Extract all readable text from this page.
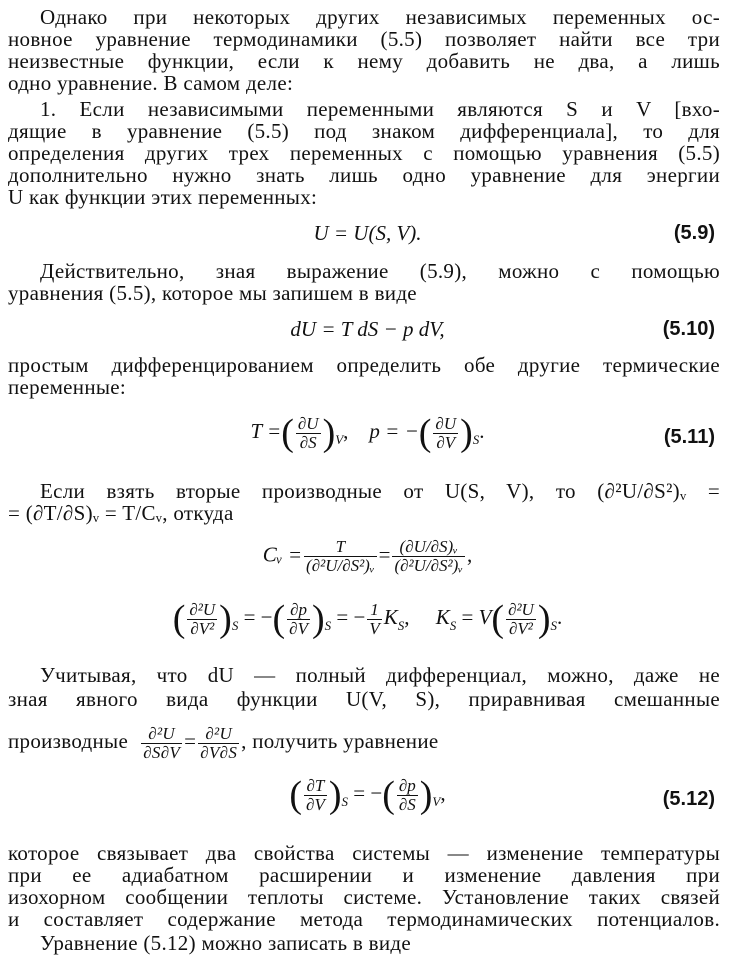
Однако при некоторых других независимых переменных ос-
новное уравнение термодинамики (5.5) позволяет найти все три
неизвестные функции, если к нему добавить не два, а лишь
одно уравнение. В самом деле:
1. Если независимыми переменными являются S и V [вхо-
дящие в уравнение (5.5) под знаком дифференциала], то для
определения других трех переменных с помощью уравнения (5.5)
дополнительно нужно знать лишь одно уравнение для энергии
U как функции этих переменных:
U = U(S, V).	(5.9)
Действительно, зная выражение (5.9), можно с помощью
уравнения (5.5), которое мы запишем в виде
dU = T dS − p dV,	(5.10)
простым дифференцированием определить обе другие термические
переменные:
T =( $\frac{\partial U}{\partial S} )_V$,    p = −( $\frac{\partial U}{\partial V} )_S$.	(5.11)
Если взять вторые производные от U(S, V), то (∂²U/∂S²)ᵥ =
= (∂T/∂S)ᵥ = T/Cᵥ, откуда
Cᵥ = $\frac{T}{\text{(∂²U/∂S²)ᵥ}} = \frac{\text{(∂U/∂S)ᵥ}}{\text{(∂²U/∂S²)ᵥ}}$ ,
( $\frac{\text{∂²U}}{\text{∂V²}} )_S$ = −( $\frac{\partial p}{\partial V} )_S$ = − $\frac{1}{V} K_S$,     $K_S = V( \frac{\text{∂²U}}{\text{∂V²}} )_S$.
Учитывая, что dU — полный дифференциал, можно, даже не
зная явного вида функции U(V, S), приравнивая смешанные
производные $\frac{\text{∂²U}}{\partial S\partial V} = \frac{\text{∂²U}}{\partial V\partial S}$ , получить уравнение
( $\frac{\partial T}{\partial V} )_S$ = −( $\frac{\partial p}{\partial S} )_V$,	(5.12)
которое связывает два свойства системы — изменение температуры
при ее адиабатном расширении и изменение давления при
изохорном сообщении теплоты системе. Установление таких связей
и составляет содержание метода термодинамических потенциалов.
Уравнение (5.12) можно записать в виде
